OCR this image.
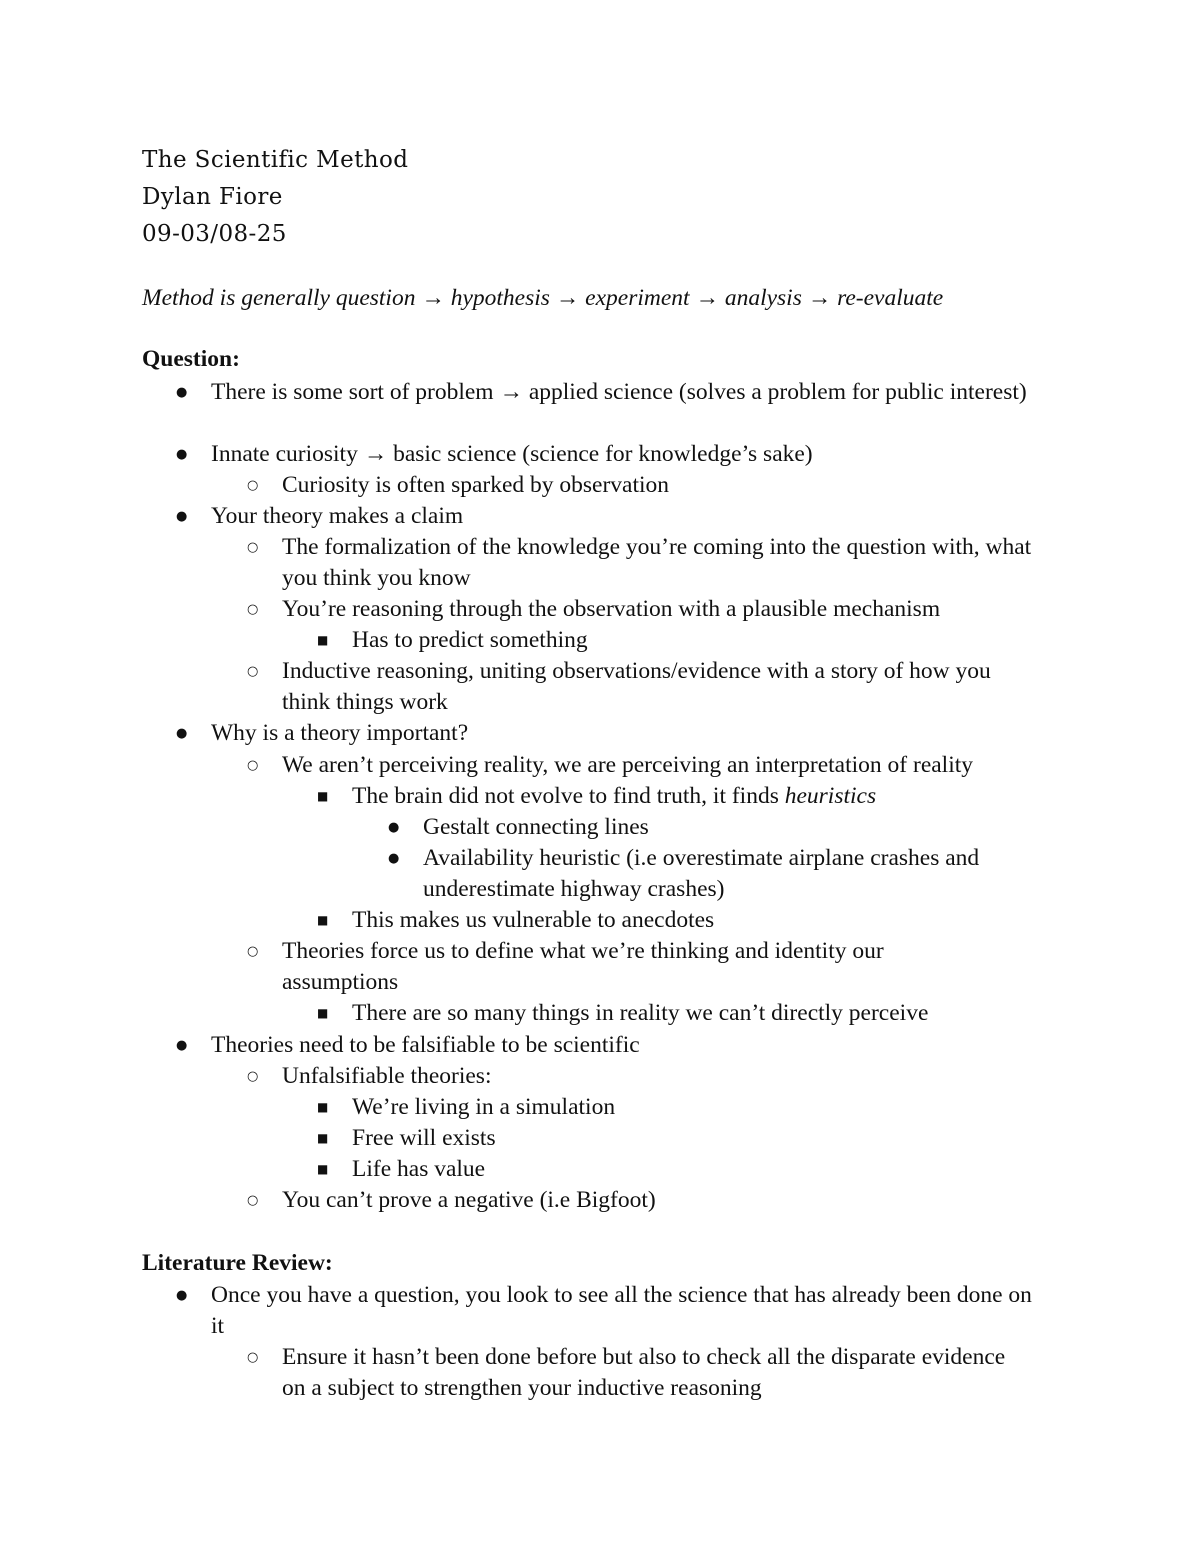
The Scientific Method
Dylan Fiore
09-03/08-25
Method is generally question → hypothesis → experiment → analysis → re-evaluate
Question:
● There is some sort of problem → applied science (solves a problem for public interest)
● Innate curiosity → basic science (science for knowledge’s sake)
○ Curiosity is often sparked by observation
● Your theory makes a claim
○ The formalization of the knowledge you’re coming into the question with, what you think you know
○ You’re reasoning through the observation with a plausible mechanism
■ Has to predict something
○ Inductive reasoning, uniting observations/evidence with a story of how you think things work
● Why is a theory important?
○ We aren’t perceiving reality, we are perceiving an interpretation of reality
■ The brain did not evolve to find truth, it finds heuristics
● Gestalt connecting lines
● Availability heuristic (i.e overestimate airplane crashes and underestimate highway crashes)
■ This makes us vulnerable to anecdotes
○ Theories force us to define what we’re thinking and identity our assumptions
■ There are so many things in reality we can’t directly perceive
● Theories need to be falsifiable to be scientific
○ Unfalsifiable theories:
■ We’re living in a simulation
■ Free will exists
■ Life has value
○ You can’t prove a negative (i.e Bigfoot)
Literature Review:
● Once you have a question, you look to see all the science that has already been done on it
○ Ensure it hasn’t been done before but also to check all the disparate evidence on a subject to strengthen your inductive reasoning
